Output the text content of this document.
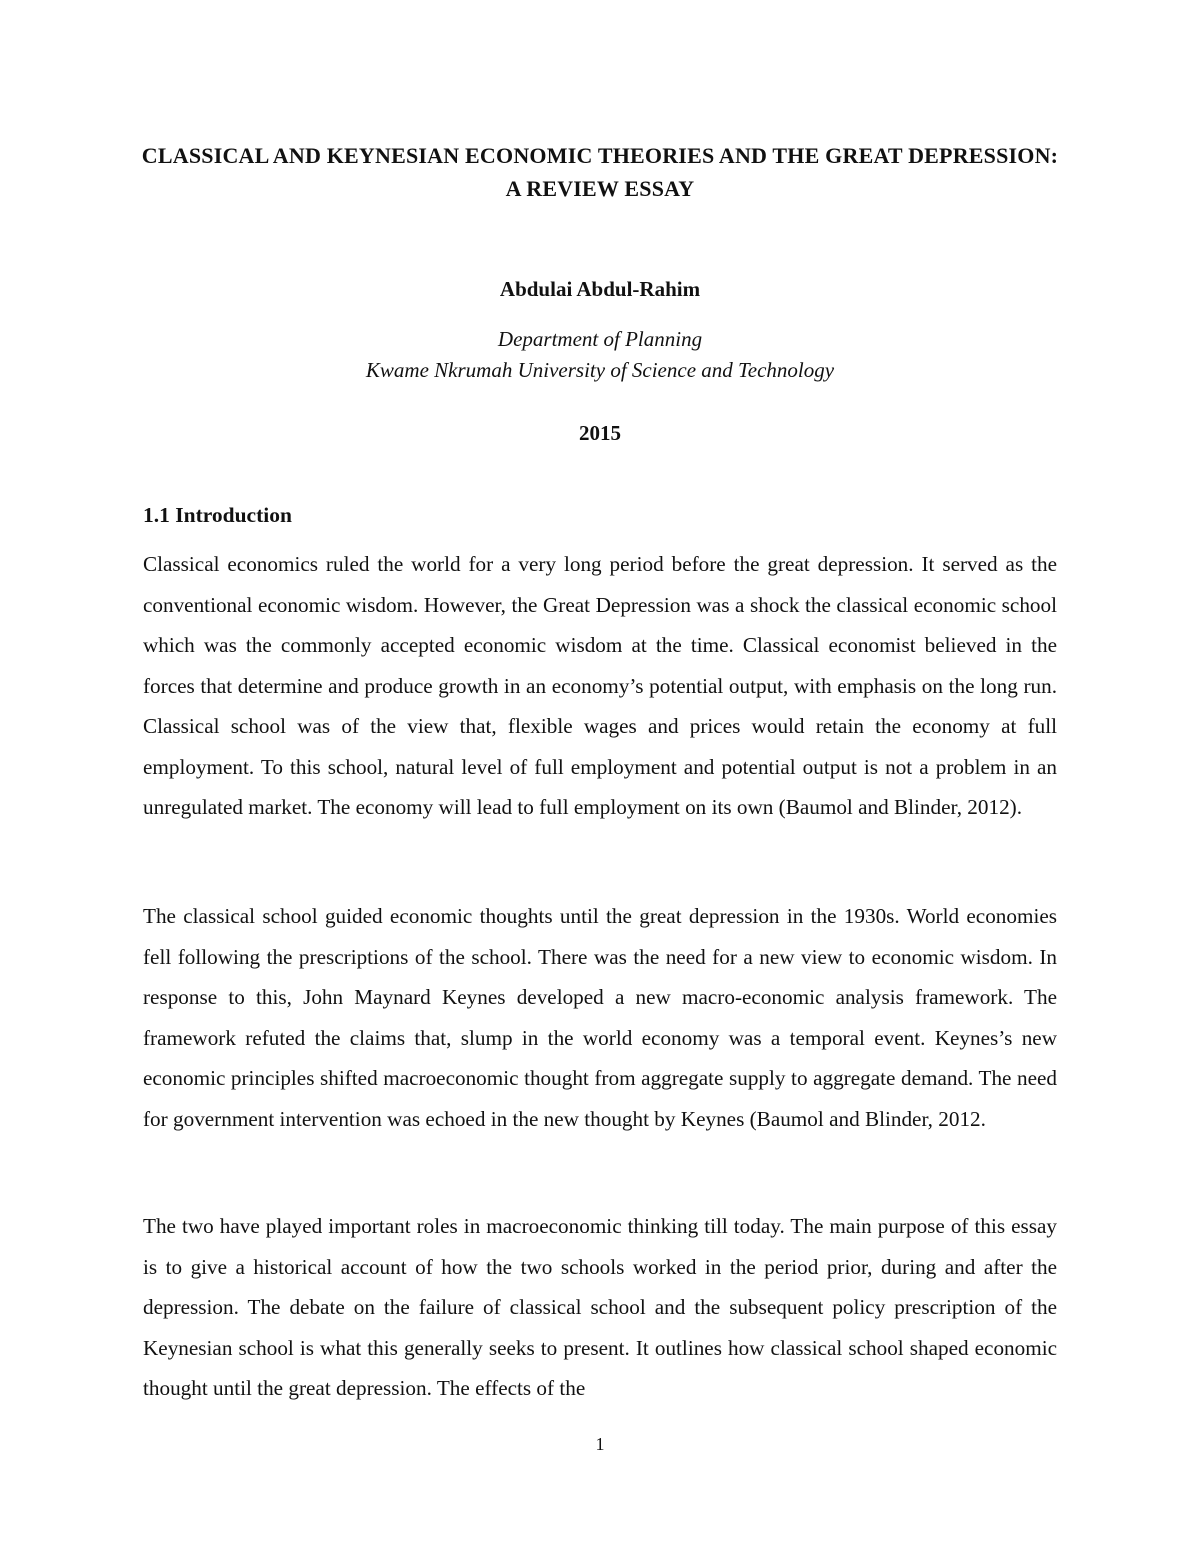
CLASSICAL AND KEYNESIAN ECONOMIC THEORIES AND THE GREAT DEPRESSION: A REVIEW ESSAY
Abdulai Abdul-Rahim
Department of Planning
Kwame Nkrumah University of Science and Technology
2015
1.1 Introduction

Classical economics ruled the world for a very long period before the great depression. It served as the conventional economic wisdom. However, the Great Depression was a shock the classical economic school which was the commonly accepted economic wisdom at the time. Classical economist believed in the forces that determine and produce growth in an economy’s potential output, with emphasis on the long run. Classical school was of the view that, flexible wages and prices would retain the economy at full employment. To this school, natural level of full employment and potential output is not a problem in an unregulated market. The economy will lead to full employment on its own (Baumol and Blinder, 2012).

The classical school guided economic thoughts until the great depression in the 1930s. World economies fell following the prescriptions of the school. There was the need for a new view to economic wisdom. In response to this, John Maynard Keynes developed a new macro-economic analysis framework. The framework refuted the claims that, slump in the world economy was a temporal event. Keynes’s new economic principles shifted macroeconomic thought from aggregate supply to aggregate demand. The need for government intervention was echoed in the new thought by Keynes (Baumol and Blinder, 2012.

The two have played important roles in macroeconomic thinking till today. The main purpose of this essay is to give a historical account of how the two schools worked in the period prior, during and after the depression. The debate on the failure of classical school and the subsequent policy prescription of the Keynesian school is what this generally seeks to present. It outlines how classical school shaped economic thought until the great depression. The effects of the

1
